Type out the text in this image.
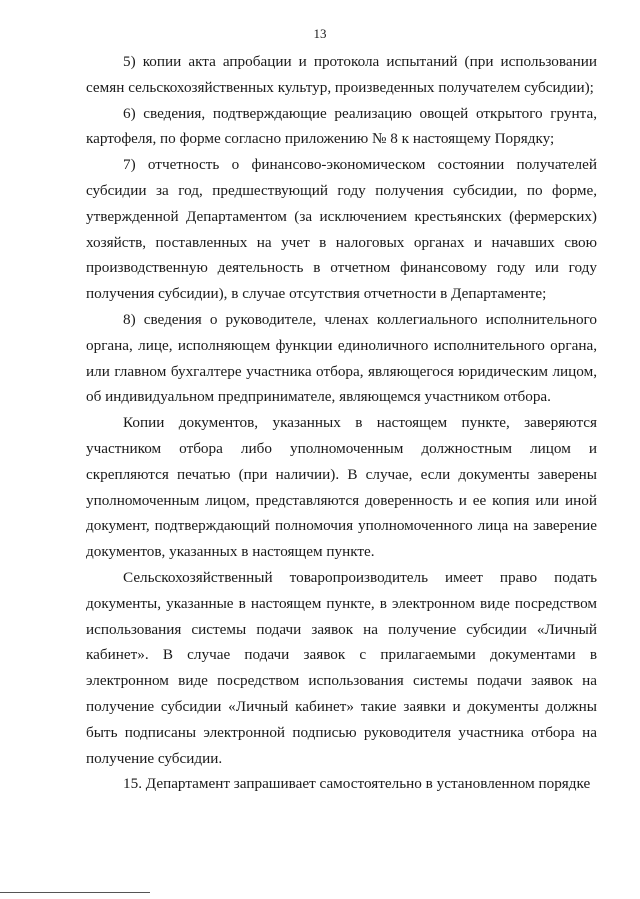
13

5) копии акта апробации и протокола испытаний (при использовании семян сельскохозяйственных культур, произведенных получателем субсидии);

6) сведения, подтверждающие реализацию овощей открытого грунта, картофеля, по форме согласно приложению № 8 к настоящему Порядку;

7) отчетность о финансово-экономическом состоянии получателей субсидии за год, предшествующий году получения субсидии, по форме, утвержденной Департаментом (за исключением крестьянских (фермерских) хозяйств, поставленных на учет в налоговых органах и начавших свою производственную деятельность в отчетном финансовому году или году получения субсидии), в случае отсутствия отчетности в Департаменте;

8) сведения о руководителе, членах коллегиального исполнительного органа, лице, исполняющем функции единоличного исполнительного органа, или главном бухгалтере участника отбора, являющегося юридическим лицом, об индивидуальном предпринимателе, являющемся участником отбора.

Копии документов, указанных в настоящем пункте, заверяются участником отбора либо уполномоченным должностным лицом и скрепляются печатью (при наличии). В случае, если документы заверены уполномоченным лицом, представляются доверенность и ее копия или иной документ, подтверждающий полномочия уполномоченного лица на заверение документов, указанных в настоящем пункте.

Сельскохозяйственный товаропроизводитель имеет право подать документы, указанные в настоящем пункте, в электронном виде посредством использования системы подачи заявок на получение субсидии «Личный кабинет». В случае подачи заявок с прилагаемыми документами в электронном виде посредством использования системы подачи заявок на получение субсидии «Личный кабинет» такие заявки и документы должны быть подписаны электронной подписью руководителя участника отбора на получение субсидии.

15. Департамент запрашивает самостоятельно в установленном порядке
